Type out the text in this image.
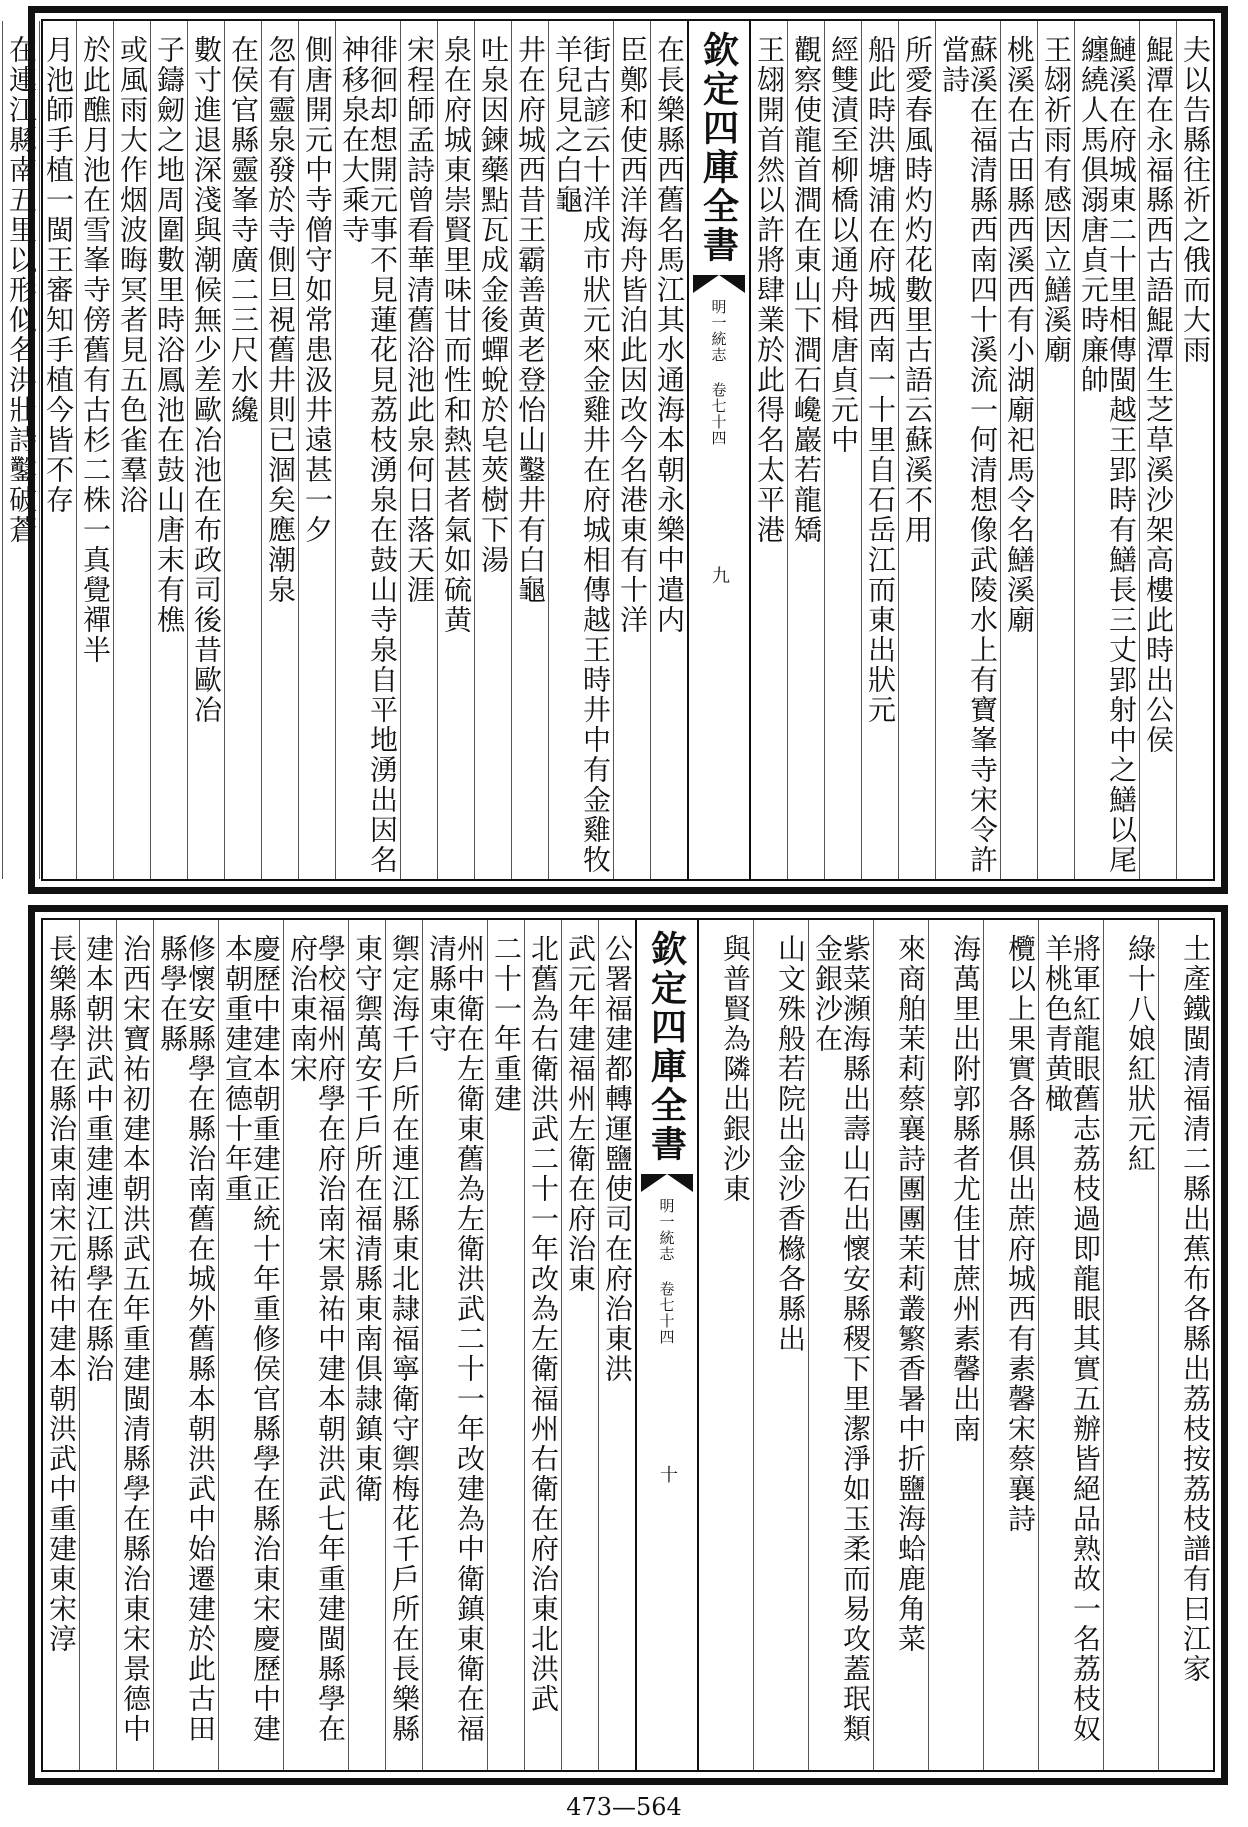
夫以告縣往祈之俄而大雨
鯤潭在永福縣西古語鯤潭生芝草溪沙架高樓此時出公侯
鰱溪在府城東二十里相傳閩越王郢時有鱔長三丈郢射中之鱔以尾纏繞人馬俱溺唐貞元時廉帥
王翃祈雨有感因立鱔溪廟
桃溪在古田縣西溪西有小湖廟祀馬令名鱔溪廟
蘇溪在福清縣西南四十溪流一何清想像武陵水上有寶峯寺宋令許當詩
所愛春風時灼灼花數里古語云蘇溪不用
船此時洪塘浦在府城西南一十里自石岳江而東出狀元
經雙漬至柳橋以通舟楫唐貞元中
觀察使龍首澗在東山下澗石巉巖若龍矯
王翃開首然以許將肆業於此得名太平港
欽定四庫全書
明一統志 卷七十四
九
在長樂縣西舊名馬江其水通海本朝永樂中遣内
臣鄭和使西洋海舟皆泊此因改今名港東有十洋
街古諺云十洋成市狀元來金雞井在府城相傳越王時井中有金雞牧羊兒見之白龜
井在府城西昔王霸善黄老登怡山鑿井有白龜
吐泉因鍊藥點瓦成金後蟬蛻於皂莢樹下湯
泉在府城東崇賢里味甘而性和熱甚者氣如硫黄
宋程師孟詩曾看華清舊浴池此泉何日落天涯
徘徊却想開元事不見蓮花見荔枝湧泉在鼓山寺泉自平地湧出因名神移泉在大乘寺
側唐開元中寺僧守如常患汲井遠甚一夕
忽有靈泉發於寺側旦視舊井則已涸矣應潮泉
在侯官縣靈峯寺廣二三尺水纔
數寸進退深淺與潮候無少差歐冶池在布政司後昔歐冶
子鑄劒之地周圍數里時浴鳳池在鼓山唐末有樵
或風雨大作烟波晦冥者見五色雀羣浴
於此醮月池在雪峯寺傍舊有古杉二株一真覺禪半
月池師手植一閩王審知手植今皆不存
在連江縣南五里以形似名洪壯詩鑿破蒼
土產鐵閩清福清二縣出蕉布各縣出荔枝按荔枝譜有曰江家
綠十八娘紅狀元紅
將軍紅龍眼舊志荔枝過即龍眼其實五辦皆絕品熟故一名荔枝奴羊桃色青黄橄
欖以上果實各縣俱出蔗府城西有素馨宋蔡襄詩
海萬里出附郭縣者尤佳甘蔗州素馨出南
來商舶茉莉蔡襄詩團團茉莉叢繁香暑中折鹽海蛤鹿角菜
紫菜瀕海縣出壽山石出懷安縣稷下里潔淨如玉柔而易攻蓋珉類金銀沙在
山文殊般若院出金沙香櫞各縣出
與普賢為隣出銀沙東
欽定四庫全書
明一統志 卷七十四
十
公署福建都轉運鹽使司在府治東洪
武元年建福州左衛在府治東
北舊為右衛洪武二十一年改為左衛福州右衛在府治東北洪武
二十一年重建
州中衛在左衛東舊為左衛洪武二十一年改建為中衛鎮東衛在福清縣東守
禦定海千戶所在連江縣東北隷福寧衛守禦梅花千戶所在長樂縣
東守禦萬安千戶所在福清縣東南俱隷鎮東衛
學校福州府學在府治南宋景祐中建本朝洪武七年重建閩縣學在府治東南宋
慶歷中建本朝重建正統十年重修侯官縣學在縣治東宋慶歷中建本朝重建宣德十年重
修懷安縣學在縣治南舊在城外舊縣本朝洪武中始遷建於此古田縣學在縣
治西宋寶祐初建本朝洪武五年重建閩清縣學在縣治東宋景德中
建本朝洪武中重建連江縣學在縣治
長樂縣學在縣治東南宋元祐中建本朝洪武中重建東宋淳
473—564
